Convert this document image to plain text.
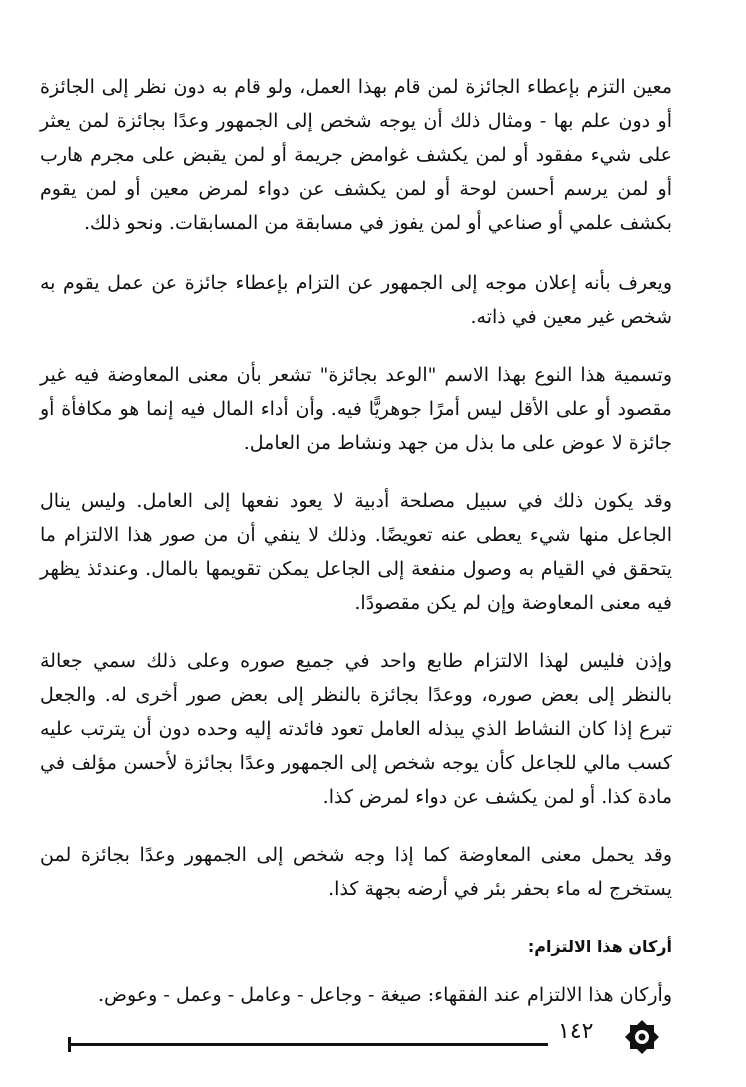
معين التزم بإعطاء الجائزة لمن قام بهذا العمل، ولو قام به دون نظر إلى الجائزة أو دون علم بها - ومثال ذلك أن يوجه شخص إلى الجمهور وعدًا بجائزة لمن يعثر على شيء مفقود أو لمن يكشف غوامض جريمة أو لمن يقبض على مجرم هارب أو لمن يرسم أحسن لوحة أو لمن يكشف عن دواء لمرض معين أو لمن يقوم بكشف علمي أو صناعي أو لمن يفوز في مسابقة من المسابقات. ونحو ذلك.

ويعرف بأنه إعلان موجه إلى الجمهور عن التزام بإعطاء جائزة عن عمل يقوم به شخص غير معين في ذاته.

وتسمية هذا النوع بهذا الاسم "الوعد بجائزة" تشعر بأن معنى المعاوضة فيه غير مقصود أو على الأقل ليس أمرًا جوهريًّا فيه. وأن أداء المال فيه إنما هو مكافأة أو جائزة لا عوض على ما بذل من جهد ونشاط من العامل.

وقد يكون ذلك في سبيل مصلحة أدبية لا يعود نفعها إلى العامل. وليس ينال الجاعل منها شيء يعطى عنه تعويضًا. وذلك لا ينفي أن من صور هذا الالتزام ما يتحقق في القيام به وصول منفعة إلى الجاعل يمكن تقويمها بالمال. وعندئذ يظهر فيه معنى المعاوضة وإن لم يكن مقصودًا.

وإذن فليس لهذا الالتزام طابع واحد في جميع صوره وعلى ذلك سمي جعالة بالنظر إلى بعض صوره، ووعدًا بجائزة بالنظر إلى بعض صور أخرى له. والجعل تبرع إذا كان النشاط الذي يبذله العامل تعود فائدته إليه وحده دون أن يترتب عليه كسب مالي للجاعل كأن يوجه شخص إلى الجمهور وعدًا بجائزة لأحسن مؤلف في مادة كذا. أو لمن يكشف عن دواء لمرض كذا.

وقد يحمل معنى المعاوضة كما إذا وجه شخص إلى الجمهور وعدًا بجائزة لمن يستخرج له ماء بحفر بئر في أرضه بجهة كذا.

أركان هذا الالتزام:

وأركان هذا الالتزام عند الفقهاء: صيغة - وجاعل - وعامل - وعمل - وعوض.

١٤٢
